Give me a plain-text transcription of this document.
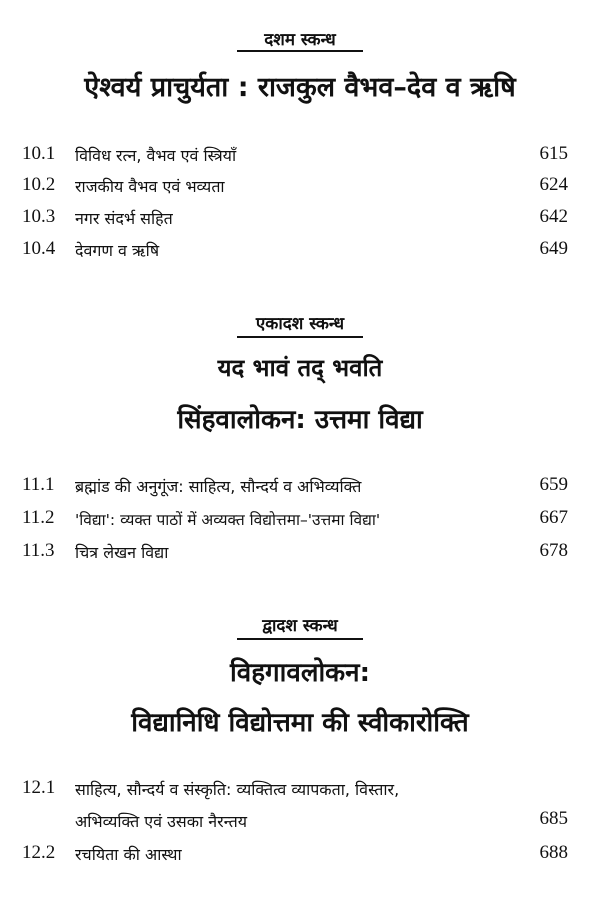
दशम स्कन्ध
ऐश्वर्य प्राचुर्यता : राजकुल वैभव–देव व ऋषि
10.1 विविध रत्न, वैभव एवं स्त्रियाँ	615
10.2 राजकीय वैभव एवं भव्यता	624
10.3 नगर संदर्भ सहित	642
10.4 देवगण व ऋषि	649
एकादश स्कन्ध
यद भावं तद् भवति
सिंहवालोकन: उत्तमा विद्या
11.1 ब्रह्मांड की अनुगूंज: साहित्य, सौन्दर्य व अभिव्यक्ति	659
11.2 'विद्या': व्यक्त पाठों में अव्यक्त विद्योत्तमा–'उत्तमा विद्या'	667
11.3 चित्र लेखन विद्या	678
द्वादश स्कन्ध
विहगावलोकन:
विद्यानिधि विद्योत्तमा की स्वीकारोक्ति
12.1 साहित्य, सौन्दर्य व संस्कृति: व्यक्तित्व व्यापकता, विस्तार,
अभिव्यक्ति एवं उसका नैरन्तय	685
12.2 रचयिता की आस्था	688
